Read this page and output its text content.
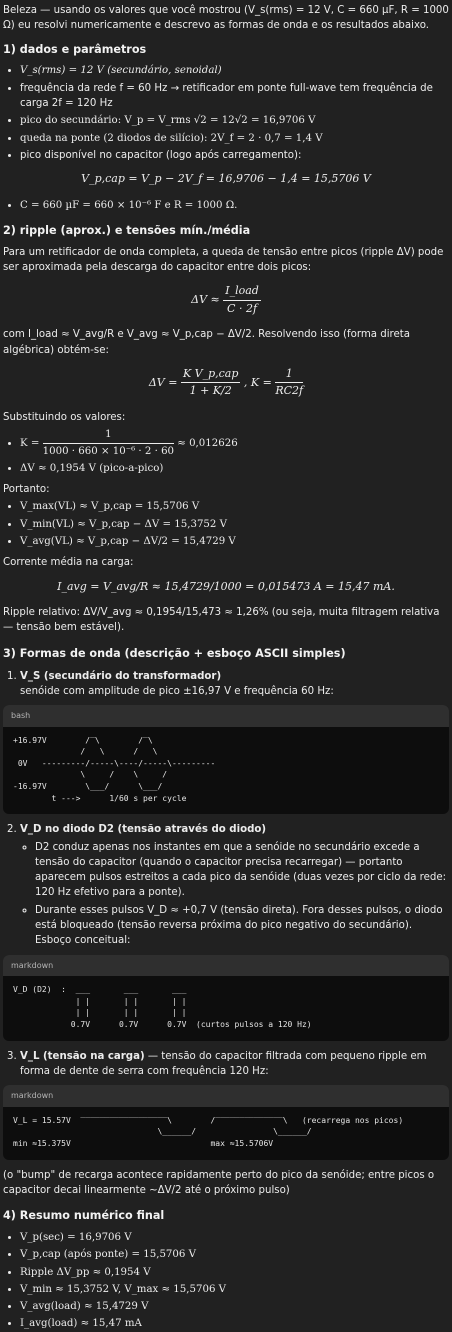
Beleza — usando os valores que você mostrou (V_s(rms) = 12 V, C = 660 µF, R = 1000 Ω) eu resolvi numericamente e descrevo as formas de onda e os resultados abaixo.

1) dados e parâmetros
• V_s(rms) = 12 V (secundário, senoidal)
• frequência da rede f = 60 Hz → retificador em ponte full-wave tem frequência de carga 2f = 120 Hz
• pico do secundário: V_p = V_rms √2 = 12√2 = 16,9706 V
• queda na ponte (2 diodos de silício): 2V_f = 2 · 0,7 = 1,4 V
• pico disponível no capacitor (logo após carregamento):
V_p,cap = V_p − 2V_f = 16,9706 − 1,4 = 15,5706 V
• C = 660 µF = 660 × 10⁻⁶ F e R = 1000 Ω.
2) ripple (aprox.) e tensões mín./média

Para um retificador de onda completa, a queda de tensão entre picos (ripple ΔV) pode ser aproximada pela descarga do capacitor entre dois picos:

$\Delta V \approx \frac{\text{I\_load}}{C \cdot 2f}$

com I_load ≈ V_avg/R e V_avg ≈ V_p,cap − ΔV/2. Resolvendo isso (forma direta algébrica) obtém-se:

$\Delta V = \frac{\text{K V\_p,cap}}{1 + K/2}$ , $K = \frac{1}{RC2f}$

Substituindo os valores:

• $K = \frac{1}{\text{1000 · 660 × 10⁻⁶ · 2 · 60}} \approx 0,012626$
• ΔV ≈ 0,1954 V (pico-a-pico)

Portanto:

• V_max(VL) ≈ V_p,cap = 15,5706 V
• V_min(VL) ≈ V_p,cap − ΔV = 15,3752 V
• V_avg(VL) ≈ V_p,cap − ΔV/2 = 15,4729 V

Corrente média na carga:

I_avg = V_avg/R ≈ 15,4729/1000 = 0,015473 A = 15,47 mA.

Ripple relativo: ΔV/V_avg ≈ 0,1954/15,473 ≈ 1,26% (ou seja, muita filtragem relativa — tensão bem estável).

3) Formas de onda (descrição + esboço ASCII simples)
1. V_S (secundário do transformador)
senóide com amplitude de pico ±16,97 V e frequência 60 Hz:
bash
+16.97V        /‾\        /‾\
/   \      /   \
0V   ---------/-----\----/-----\---------
\     /    \     /
-16.97V        \___/      \___/
t --->      1/60 s per cycle
2. V_D no diodo D2 (tensão através do diodo)
◦ D2 conduz apenas nos instantes em que a senóide no secundário excede a tensão do capacitor (quando o capacitor precisa recarregar) — portanto aparecem pulsos estreitos a cada pico da senóide (duas vezes por ciclo da rede: 120 Hz efetivo para a ponte).
◦ Durante esses pulsos V_D ≈ +0,7 V (tensão direta). Fora desses pulsos, o diodo está bloqueado (tensão reversa próxima do pico negativo do secundário). Esboço conceitual:
markdown
V_D (D2)  :  ___       ___       ___
| |       | |       | |
| |       | |       | |
0.7V      0.7V      0.7V  (curtos pulsos a 120 Hz)
3. V_L (tensão na carga) — tensão do capacitor filtrada com pequeno ripple em forma de dente de serra com frequência 120 Hz:
markdown
V_L = 15.57V  ‾‾‾‾‾‾‾‾‾‾‾‾‾‾‾‾‾‾\        /‾‾‾‾‾‾‾‾‾‾‾‾‾‾\   (recarrega nos picos)
\______/                \______/
min ≈15.375V                             max ≈15.5706V

(o "bump" de recarga acontece rapidamente perto do pico da senóide; entre picos o capacitor decai linearmente ~ΔV/2 até o próximo pulso)

4) Resumo numérico final
• V_p(sec) = 16,9706 V
• V_p,cap (após ponte) = 15,5706 V
• Ripple ΔV_pp ≈ 0,1954 V
• V_min ≈ 15,3752 V, V_max ≈ 15,5706 V
• V_avg(load) ≈ 15,4729 V
• I_avg(load) ≈ 15,47 mA
